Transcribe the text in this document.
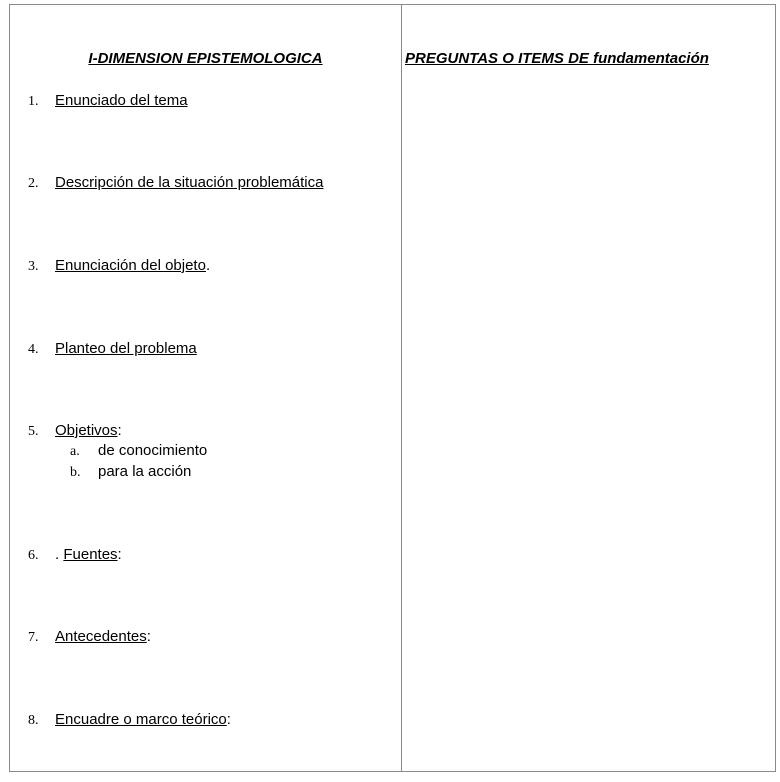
I-DIMENSION EPISTEMOLOGICA
1. Enunciado del tema
2. Descripción de la situación problemática
3. Enunciación del objeto.
4. Planteo del problema
5. Objetivos:
a. de conocimiento
b. para la acción
6. . Fuentes:
7. Antecedentes:
8. Encuadre o marco teórico:
PREGUNTAS O ITEMS DE fundamentación
